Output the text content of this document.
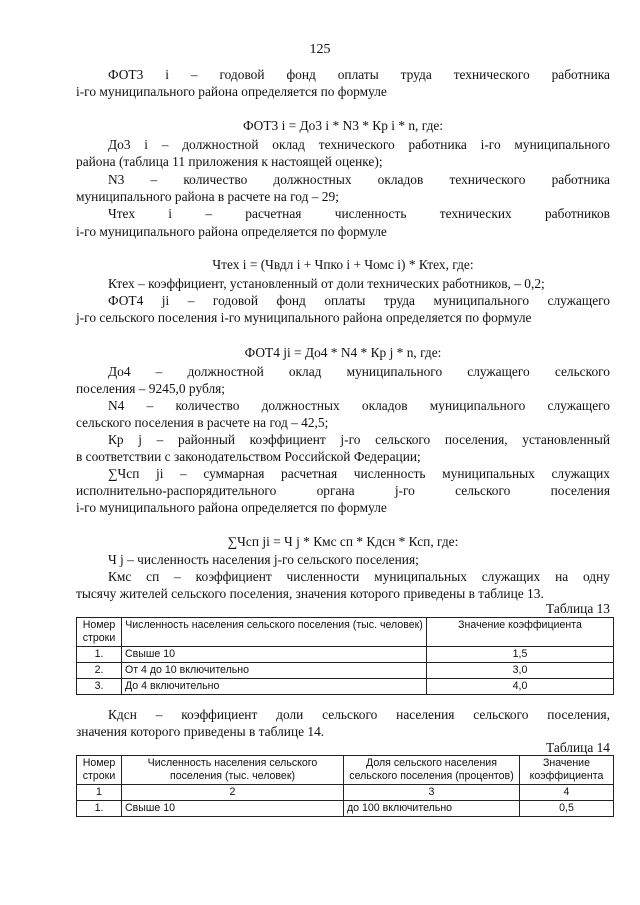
125
ФОТ3 i – годовой фонд оплаты труда технического работника
i-го муниципального района определяется по формуле
ФОТ3 i = До3 i * N3 * Кр i * n, где:
До3 i – должностной оклад технического работника i-го муниципального
района (таблица 11 приложения к настоящей оценке);
N3 – количество должностных окладов технического работника
муниципального района в расчете на год – 29;
Чтех i – расчетная численность технических работников
i-го муниципального района определяется по формуле
Чтех i = (Чвдл i + Чпко i + Чомс i) * Ктех, где:
Ктех – коэффициент, установленный от доли технических работников, – 0,2;
ФОТ4 ji – годовой фонд оплаты труда муниципального служащего
j-го сельского поселения i-го муниципального района определяется по формуле
ФОТ4 ji = До4 * N4 * Кр j * n, где:
До4 – должностной оклад муниципального служащего сельского
поселения – 9245,0 рубля;
N4 – количество должностных окладов муниципального служащего
сельского поселения в расчете на год – 42,5;
Кр j – районный коэффициент j-го сельского поселения, установленный
в соответствии с законодательством Российской Федерации;
∑Чсп ji – суммарная расчетная численность муниципальных служащих
исполнительно-распорядительного органа j-го сельского поселения
i-го муниципального района определяется по формуле
∑Чсп ji = Ч j * Кмс сп * Кдсн * Ксп, где:
Ч j – численность населения j-го сельского поселения;
Кмс сп – коэффициент численности муниципальных служащих на одну
тысячу жителей сельского поселения, значения которого приведены в таблице 13.
Таблица 13
Номер строки	Численность населения сельского поселения (тыс. человек)	Значение коэффициента
1.	Свыше 10	1,5
2.	От 4 до 10 включительно	3,0
3.	До 4 включительно	4,0
Кдсн – коэффициент доли сельского населения сельского поселения,
значения которого приведены в таблице 14.
Таблица 14
Номер строки	Численность населения сельского поселения (тыс. человек)	Доля сельского населения сельского поселения (процентов)	Значение коэффициента
1	2	3	4
1.	Свыше 10	до 100 включительно	0,5
